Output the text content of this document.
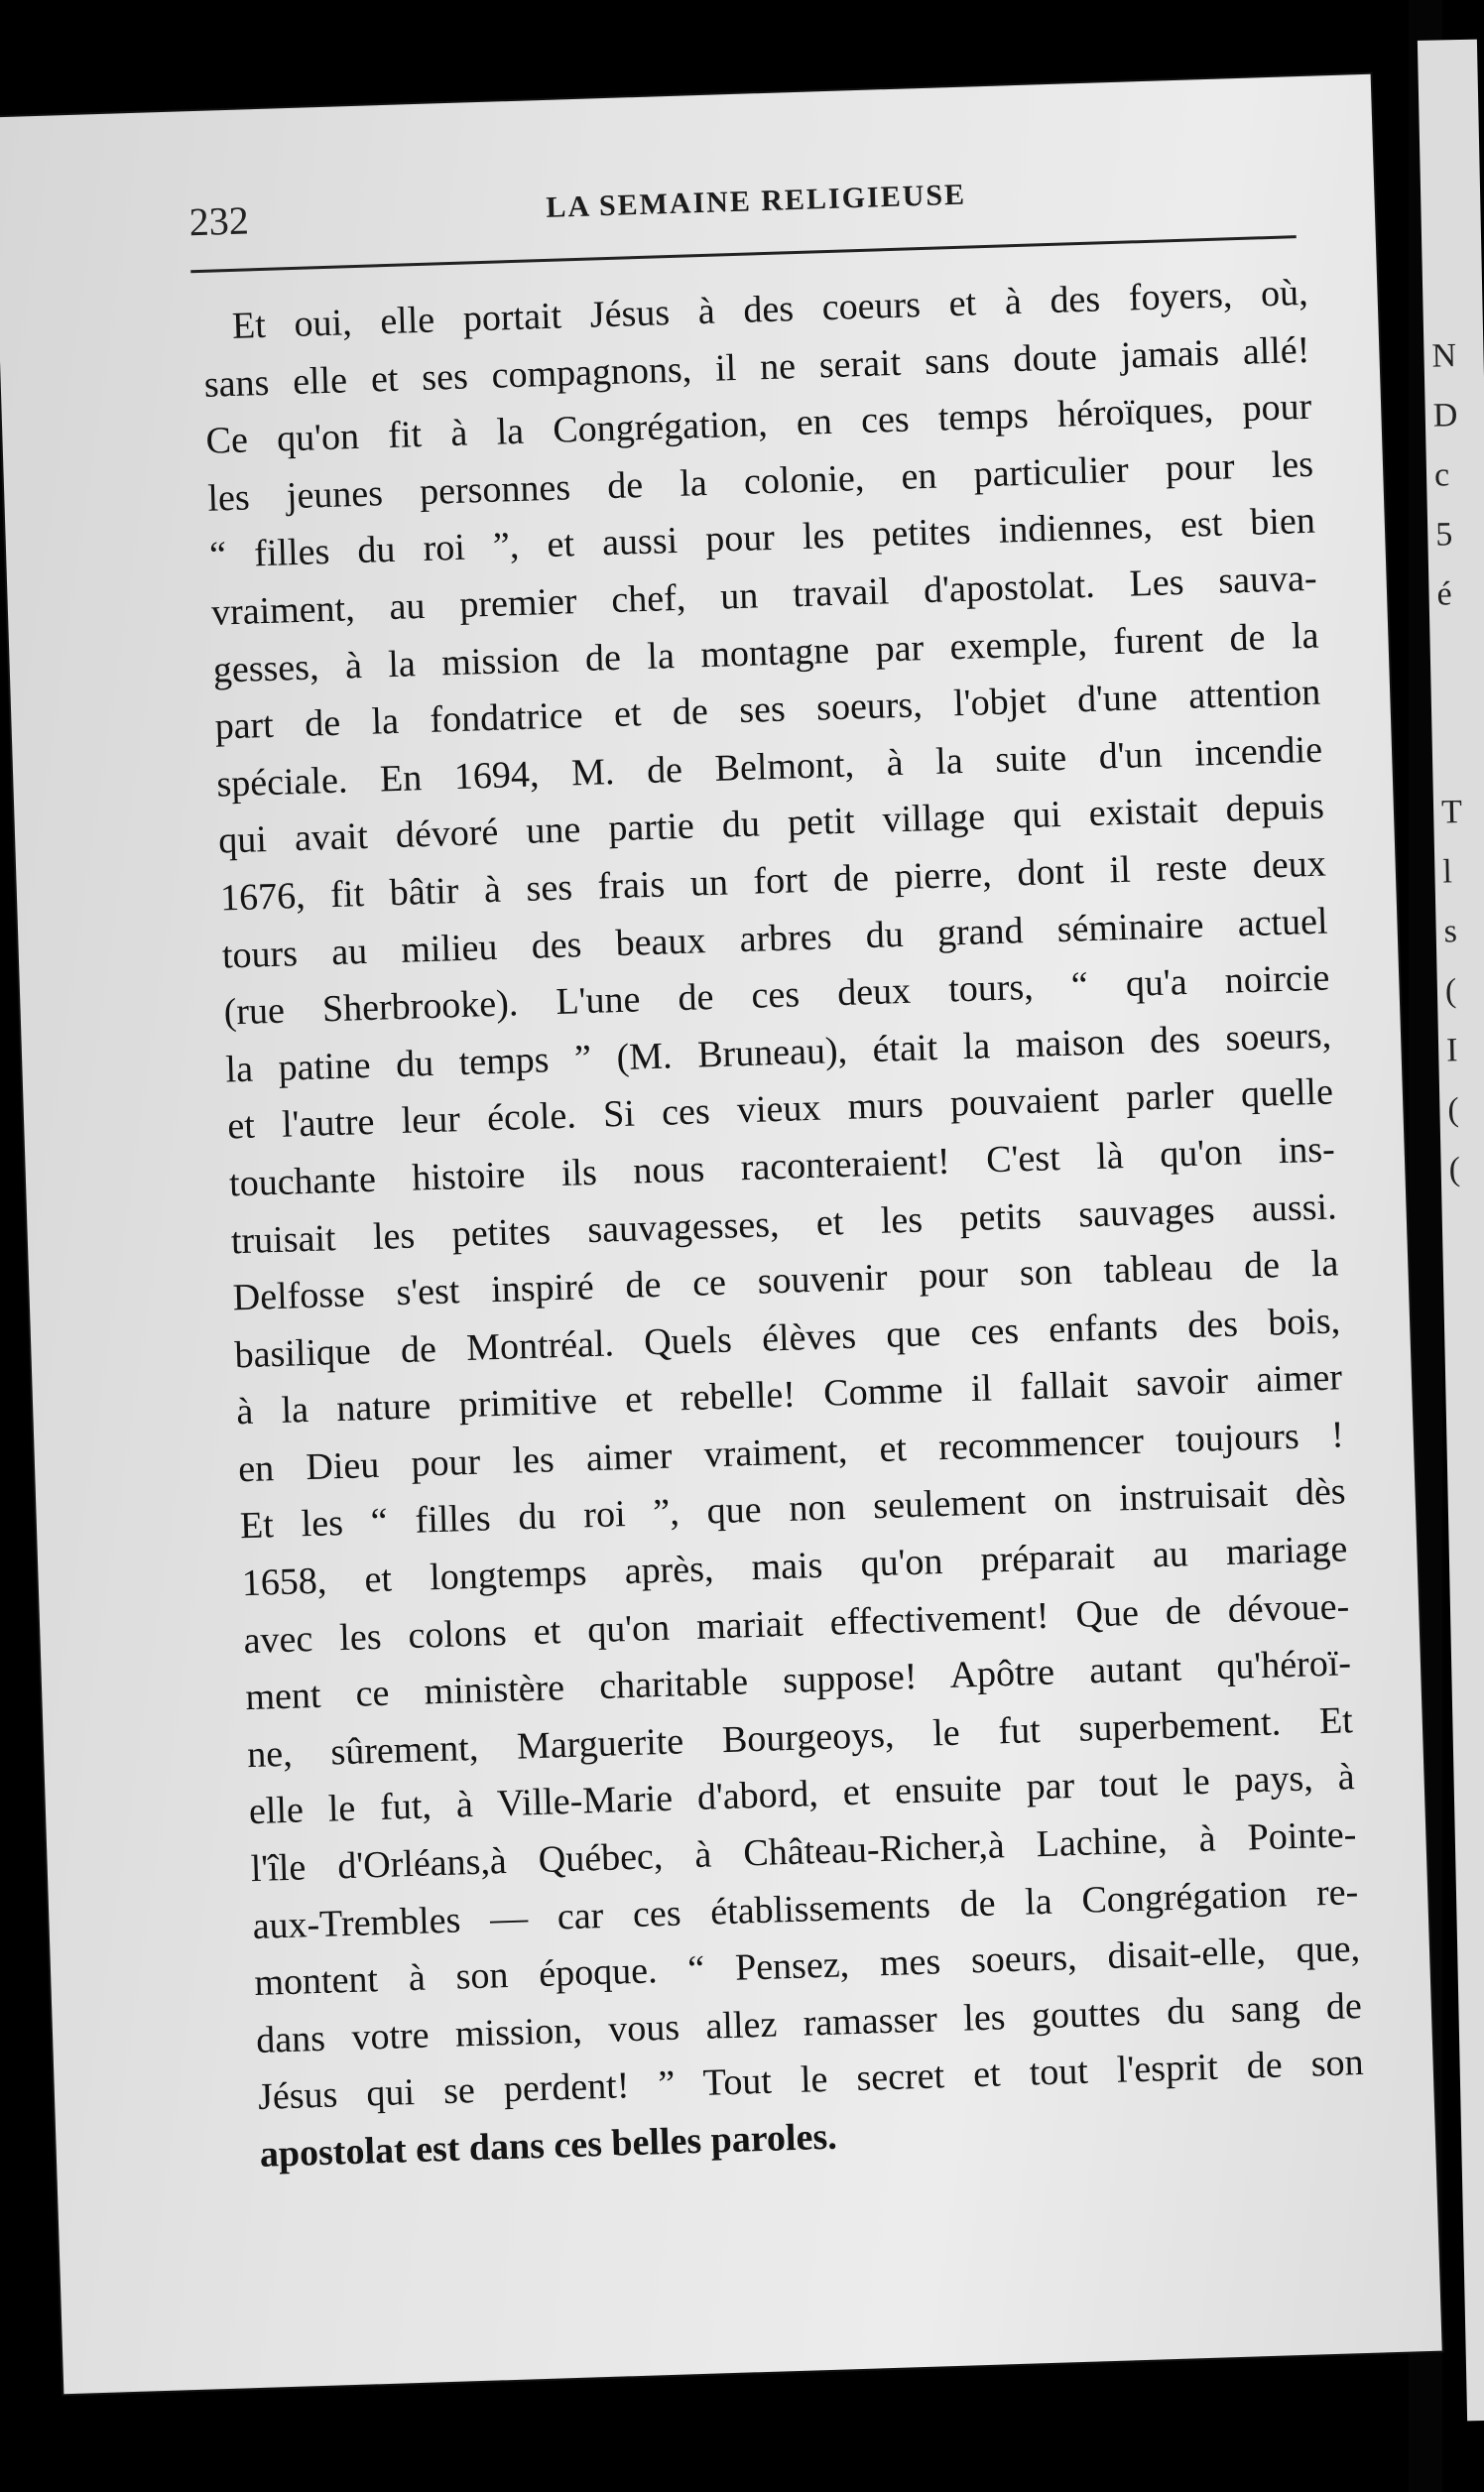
232	LA SEMAINE RELIGIEUSE
Et oui, elle portait Jésus à des coeurs et à des foyers, où,
sans elle et ses compagnons, il ne serait sans doute jamais allé!
Ce qu'on fit à la Congrégation, en ces temps héroïques, pour
les jeunes personnes de la colonie, en particulier pour les
“ filles du roi ”, et aussi pour les petites indiennes, est bien
vraiment, au premier chef, un travail d'apostolat. Les sauva-
gesses, à la mission de la montagne par exemple, furent de la
part de la fondatrice et de ses soeurs, l'objet d'une attention
spéciale. En 1694, M. de Belmont, à la suite d'un incendie
qui avait dévoré une partie du petit village qui existait depuis
1676, fit bâtir à ses frais un fort de pierre, dont il reste deux
tours au milieu des beaux arbres du grand séminaire actuel
(rue Sherbrooke). L'une de ces deux tours, “ qu'a noircie
la patine du temps ” (M. Bruneau), était la maison des soeurs,
et l'autre leur école. Si ces vieux murs pouvaient parler quelle
touchante histoire ils nous raconteraient! C'est là qu'on ins-
truisait les petites sauvagesses, et les petits sauvages aussi.
Delfosse s'est inspiré de ce souvenir pour son tableau de la
basilique de Montréal. Quels élèves que ces enfants des bois,
à la nature primitive et rebelle! Comme il fallait savoir aimer
en Dieu pour les aimer vraiment, et recommencer toujours !
Et les “ filles du roi ”, que non seulement on instruisait dès
1658, et longtemps après, mais qu'on préparait au mariage
avec les colons et qu'on mariait effectivement! Que de dévoue-
ment ce ministère charitable suppose! Apôtre autant qu'héroï-
ne, sûrement, Marguerite Bourgeoys, le fut superbement. Et
elle le fut, à Ville-Marie d'abord, et ensuite par tout le pays, à
l'île d'Orléans,à Québec, à Château-Richer,à Lachine, à Pointe-
aux-Trembles — car ces établissements de la Congrégation re-
montent à son époque. “ Pensez, mes soeurs, disait-elle, que,
dans votre mission, vous allez ramasser les gouttes du sang de
Jésus qui se perdent! ” Tout le secret et tout l'esprit de son
apostolat est dans ces belles paroles.
N
D
c
5
é
T
l
s
(
I
(
(
